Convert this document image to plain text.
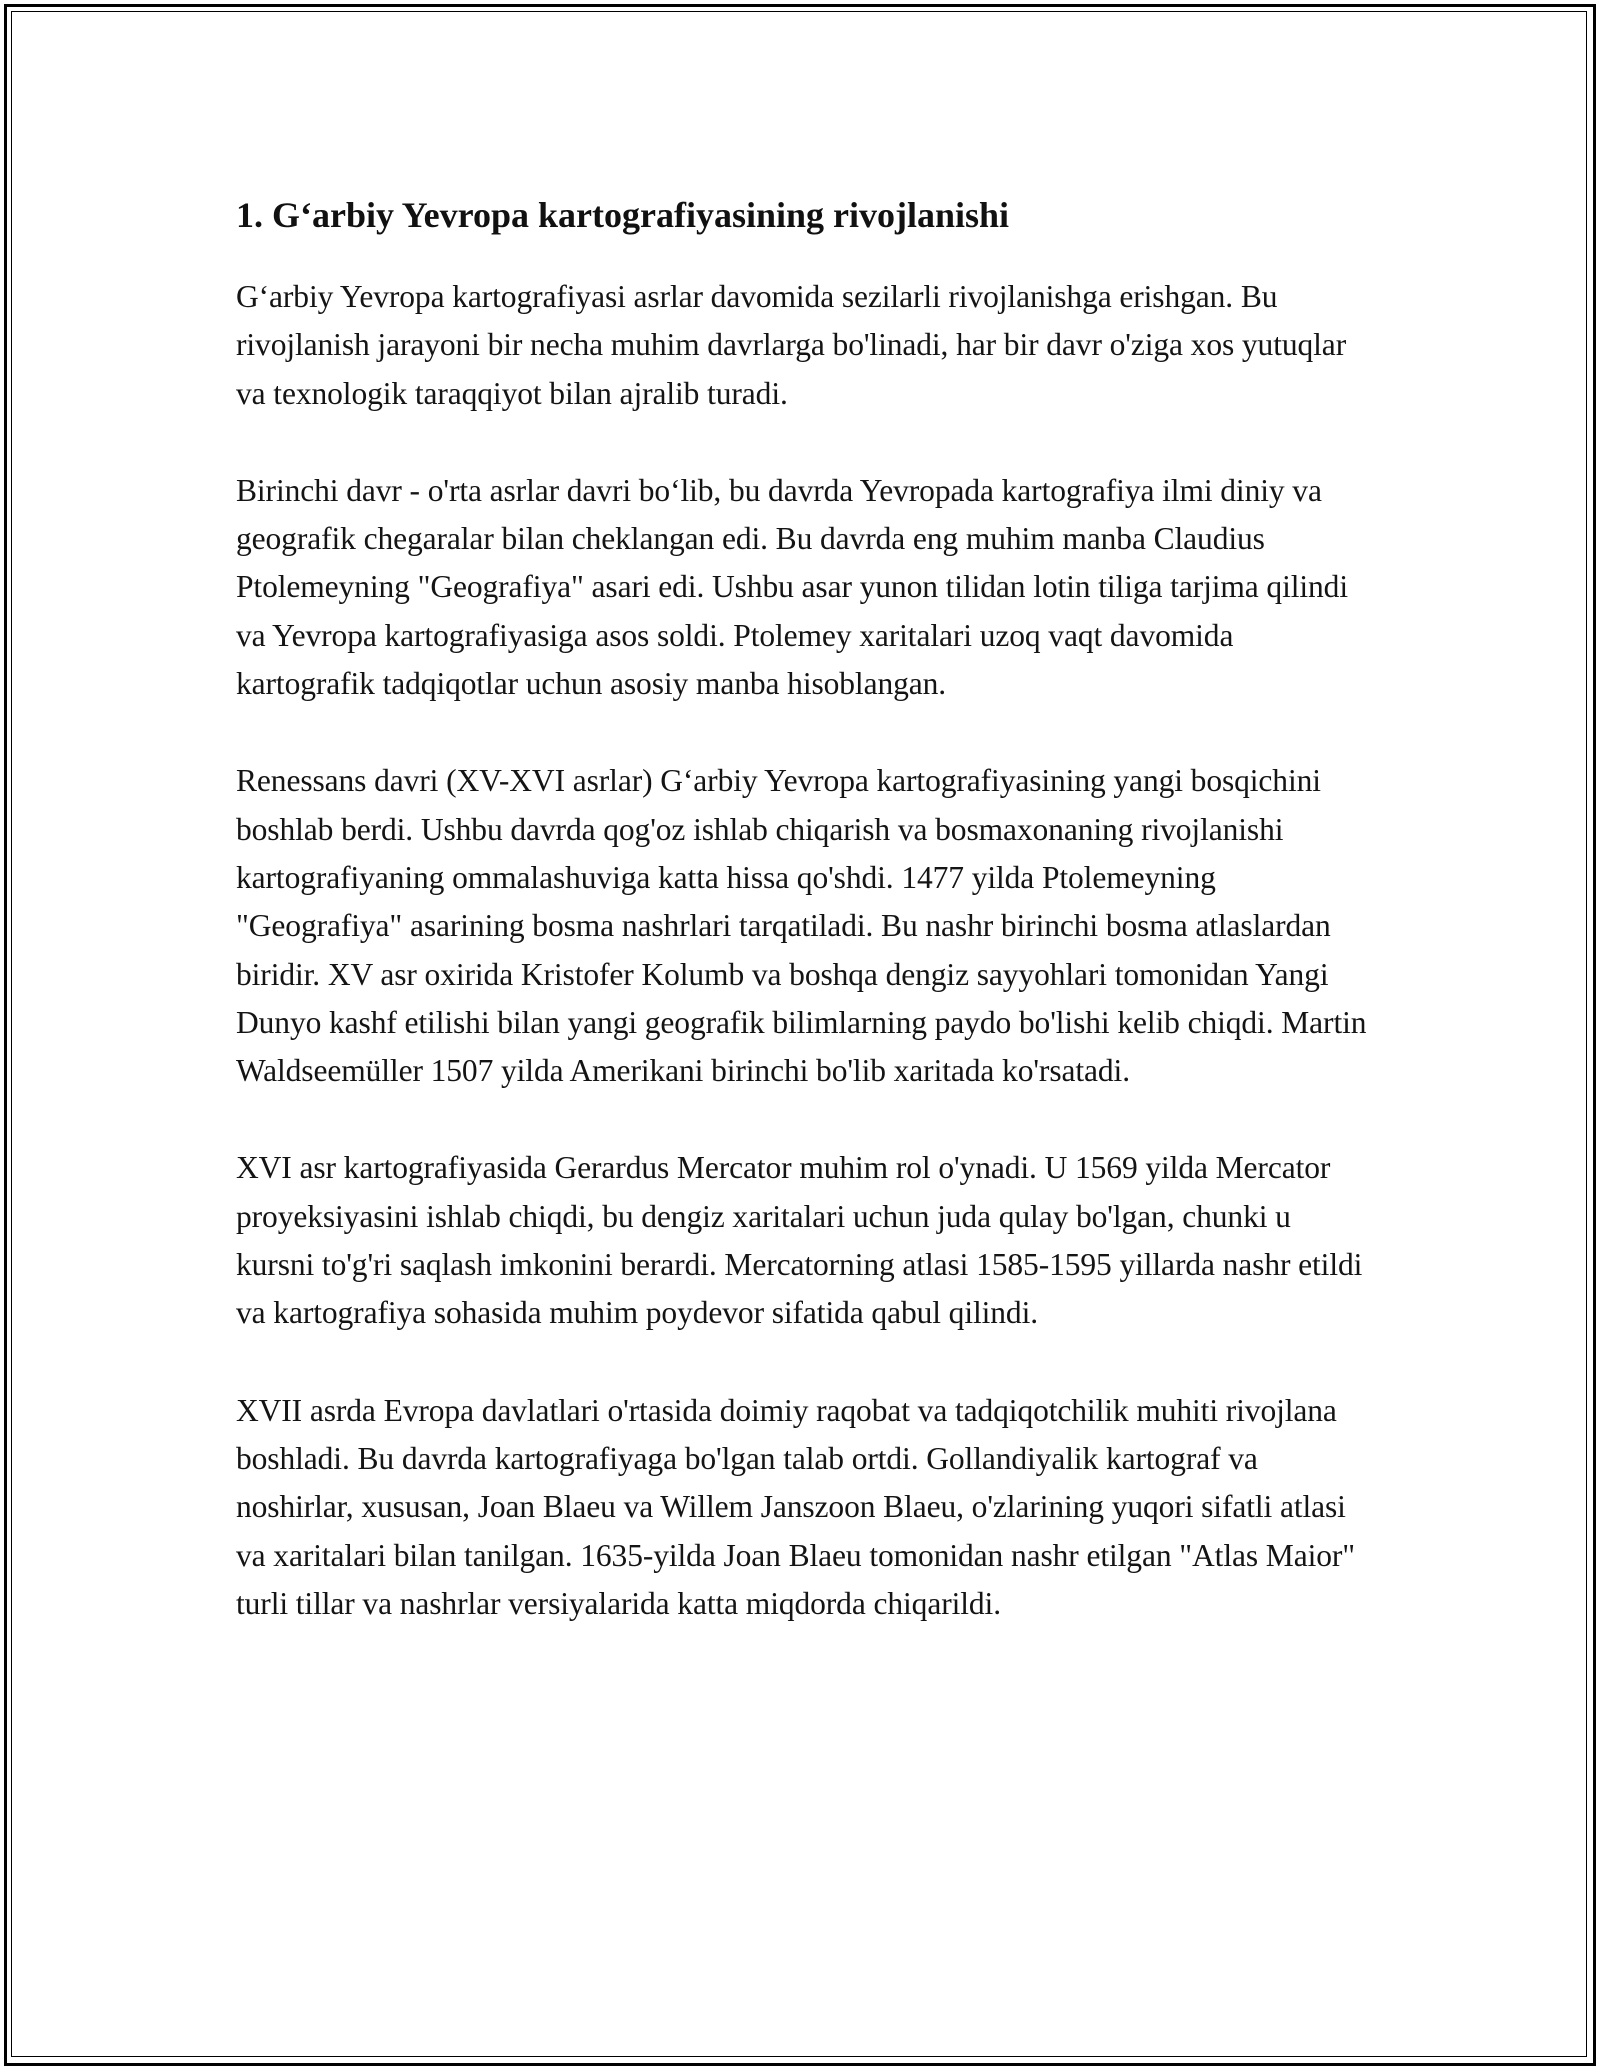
1. G‘arbiy Yevropa kartografiyasining rivojlanishi

G‘arbiy Yevropa kartografiyasi asrlar davomida sezilarli rivojlanishga erishgan. Bu rivojlanish jarayoni bir necha muhim davrlarga bo'linadi, har bir davr o'ziga xos yutuqlar va texnologik taraqqiyot bilan ajralib turadi.

Birinchi davr - o'rta asrlar davri bo‘lib, bu davrda Yevropada kartografiya ilmi diniy va geografik chegaralar bilan cheklangan edi. Bu davrda eng muhim manba Claudius Ptolemeyning "Geografiya" asari edi. Ushbu asar yunon tilidan lotin tiliga tarjima qilindi va Yevropa kartografiyasiga asos soldi. Ptolemey xaritalari uzoq vaqt davomida kartografik tadqiqotlar uchun asosiy manba hisoblangan.

Renessans davri (XV-XVI asrlar) G‘arbiy Yevropa kartografiyasining yangi bosqichini boshlab berdi. Ushbu davrda qog'oz ishlab chiqarish va bosmaxonaning rivojlanishi kartografiyaning ommalashuviga katta hissa qo'shdi. 1477 yilda Ptolemeyning "Geografiya" asarining bosma nashrlari tarqatiladi. Bu nashr birinchi bosma atlaslardan biridir. XV asr oxirida Kristofer Kolumb va boshqa dengiz sayyohlari tomonidan Yangi Dunyo kashf etilishi bilan yangi geografik bilimlarning paydo bo'lishi kelib chiqdi. Martin Waldseemüller 1507 yilda Amerikani birinchi bo'lib xaritada ko'rsatadi.

XVI asr kartografiyasida Gerardus Mercator muhim rol o'ynadi. U 1569 yilda Mercator proyeksiyasini ishlab chiqdi, bu dengiz xaritalari uchun juda qulay bo'lgan, chunki u kursni to'g'ri saqlash imkonini berardi. Mercatorning atlasi 1585-1595 yillarda nashr etildi va kartografiya sohasida muhim poydevor sifatida qabul qilindi.

XVII asrda Evropa davlatlari o'rtasida doimiy raqobat va tadqiqotchilik muhiti rivojlana boshladi. Bu davrda kartografiyaga bo'lgan talab ortdi. Gollandiyalik kartograf va noshirlar, xususan, Joan Blaeu va Willem Janszoon Blaeu, o'zlarining yuqori sifatli atlasi va xaritalari bilan tanilgan. 1635-yilda Joan Blaeu tomonidan nashr etilgan "Atlas Maior" turli tillar va nashrlar versiyalarida katta miqdorda chiqarildi.
